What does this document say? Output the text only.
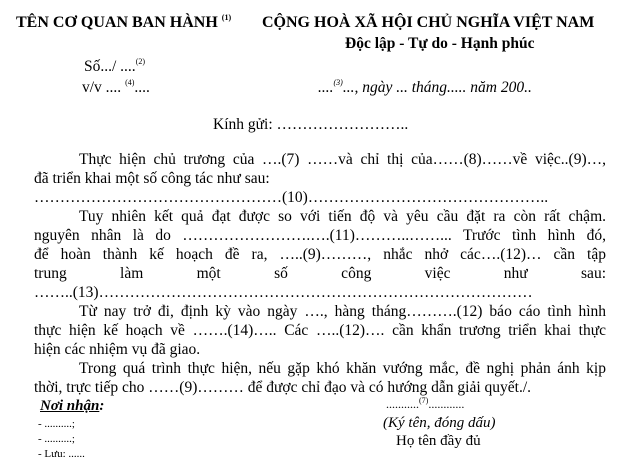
TÊN CƠ QUAN BAN HÀNH $^{(1)}$ CỘNG HOÀ XÃ HỘI CHỦ NGHĨA VIỆT NAM
Độc lập - Tự do - Hạnh phúc
Số.../ ....$^{(2)}$
v/v .... $^{(4)}$....	....$^{(3)}$..., ngày ... tháng..... năm 200..
Kính gửi: ……………………..
Thực hiện chủ trương của ….(7) ……và chỉ thị của……(8)……về việc..(9)…,
đã triển khai một số công tác như sau:
…………………………………………(10)………………………………………..
Tuy nhiên kết quả đạt được so với tiến độ và yêu cầu đặt ra còn rất chậm.
nguyên nhân là do …………………….….(11)………..……... Trước tình hình đó,
để hoàn thành kế hoạch đề ra, …..(9)………, nhắc nhở các….(12)… cần tập
trung làm một số công việc như sau:
……..(13)…………………………………………………………………………
Từ nay trở đi, định kỳ vào ngày …., hàng tháng……….(12) báo cáo tình hình
thực hiện kế hoạch về …….(14)….. Các …..(12)…. cần khẩn trương triển khai thực
hiện các nhiệm vụ đã giao.
Trong quá trình thực hiện, nếu gặp khó khăn vướng mắc, đề nghị phản ánh kịp
thời, trực tiếp cho ……(9)……… để được chỉ đạo và có hướng dẫn giải quyết./.
Nơi nhận:
- ..........;
- ..........;
- Lưu: ......
...........$^{(7)}$............
(Ký tên, đóng dấu)
Họ tên đầy đủ
